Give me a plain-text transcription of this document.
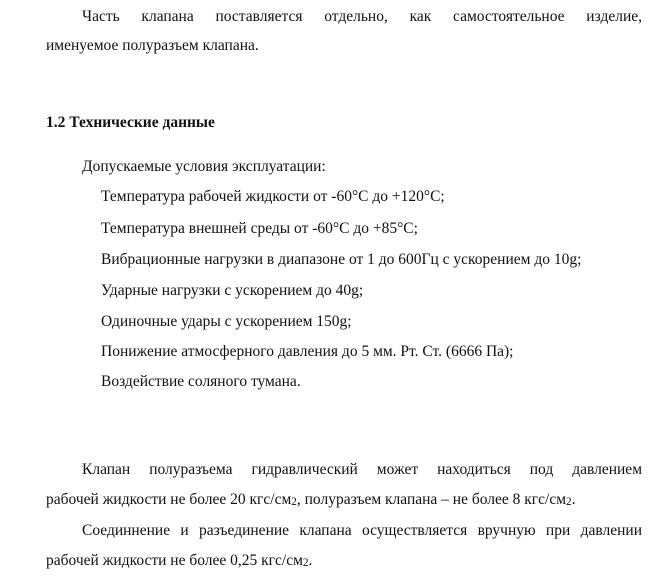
Часть клапана поставляется отдельно, как самостоятельное изделие,
именуемое полуразъем клапана.
1.2 Технические данные
Допускаемые условия эксплуатации:
Температура рабочей жидкости от -60°С до +120°С;
Температура внешней среды от -60°С до +85°С;
Вибрационные нагрузки в диапазоне от 1 до 600Гц с ускорением до 10g;
Ударные нагрузки с ускорением до 40g;
Одиночные удары с ускорением 150g;
Понижение атмосферного давления до 5 мм. Рт. Ст. (6666 Па);
Воздействие соляного тумана.
Клапан полуразъема гидравлический может находиться под давлением
рабочей жидкости не более 20 кгс/$см_2$, полуразъем клапана – не более 8 кгс/$см_2$.
Соединнение и разъединение клапана осуществляется вручную при давлении
рабочей жидкости не более 0,25 кгс/$см_2$.
